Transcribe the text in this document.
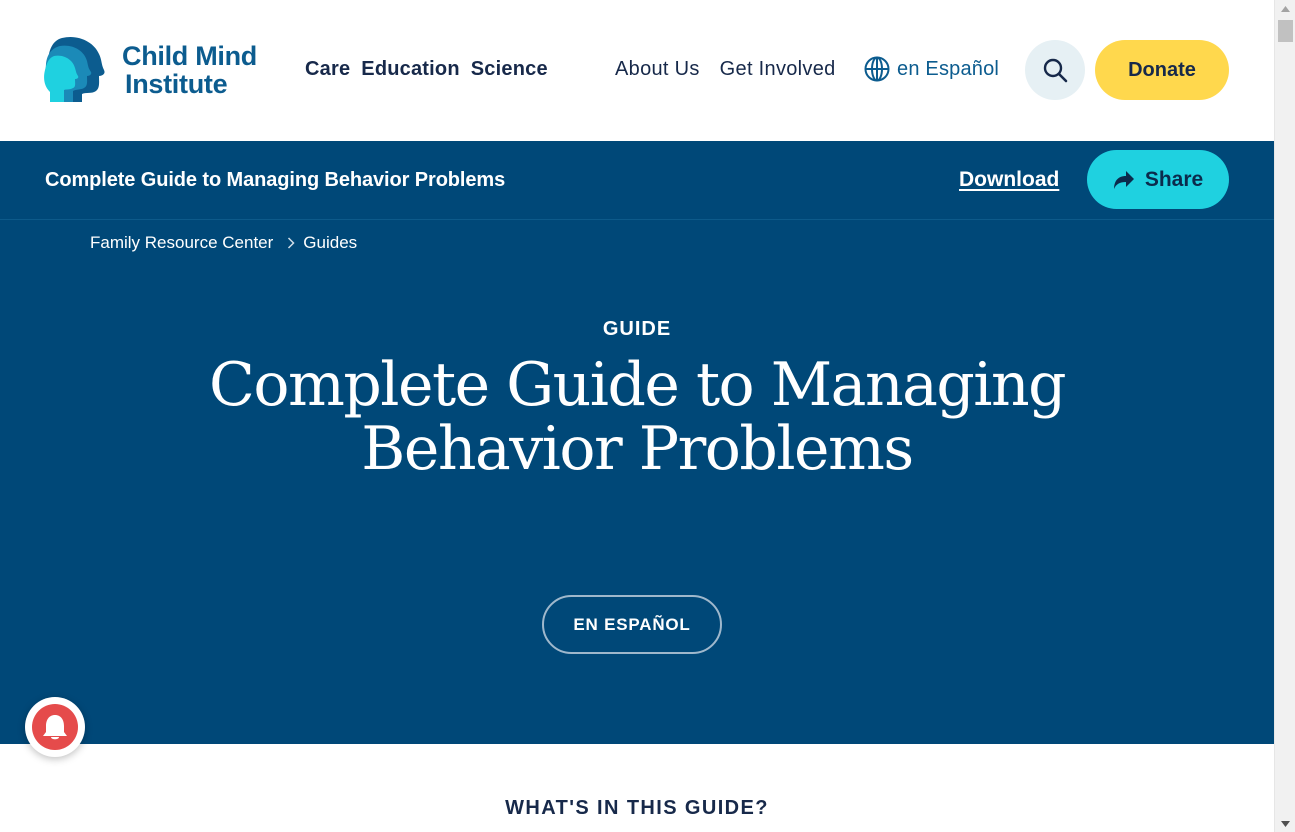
Child Mind
Institute	Care Education Science	About Us Get Involved	en Español	Donate
Complete Guide to Managing Behavior Problems	Download	Share
Family Resource Center Guides
GUIDE
Complete Guide to Managing
Behavior Problems
EN ESPAÑOL
WHAT'S IN THIS GUIDE?
